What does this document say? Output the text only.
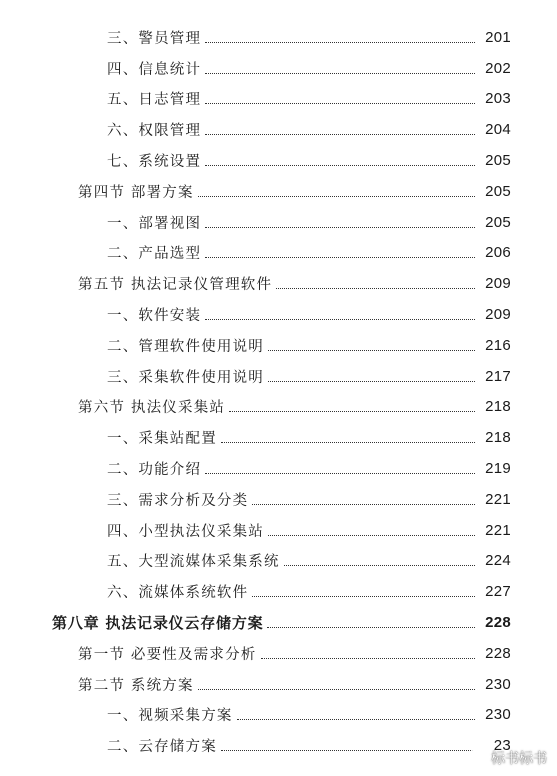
三、警员管理	201
四、信息统计	202
五、日志管理	203
六、权限管理	204
七、系统设置	205
第四节 部署方案	205
一、部署视图	205
二、产品选型	206
第五节 执法记录仪管理软件	209
一、软件安装	209
二、管理软件使用说明	216
三、采集软件使用说明	217
第六节 执法仪采集站	218
一、采集站配置	218
二、功能介绍	219
三、需求分析及分类	221
四、小型执法仪采集站	221
五、大型流媒体采集系统	224
六、流媒体系统软件	227
第八章 执法记录仪云存储方案	228
第一节 必要性及需求分析	228
第二节 系统方案	230
一、视频采集方案	230
二、云存储方案	23
标书标书
